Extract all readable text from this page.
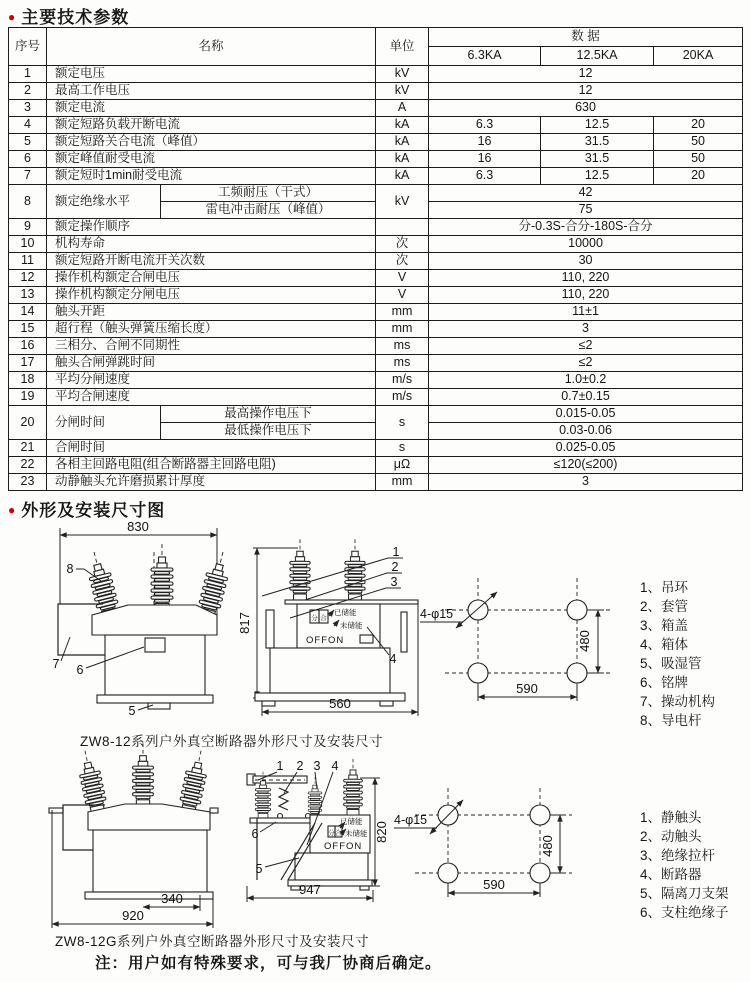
● 主要技术参数
序号	名称		单位	数 据		
				6.3KA	12.5KA	20KA
1	额定电压		kV	12		
2	最高工作电压		kV	12		
3	额定电流		A	630		
4	额定短路负载开断电流		kA	6.3	12.5	20
5	额定短路关合电流（峰值）		kA	16	31.5	50
6	额定峰值耐受电流		kA	16	31.5	50
7	额定短时1min耐受电流		kA	6.3	12.5	20
8	额定绝缘水平	工频耐压（干式）	kV	42		
		雷电冲击耐压（峰值）		75		
9	额定操作顺序			分-0.3S-合分-180S-合分		
10	机构寿命		次	10000		
11	额定短路开断电流开关次数		次	30		
12	操作机构额定合闸电压		V	110, 220		
13	操作机构额定分闸电压		V	110, 220		
14	触头开距		mm	11±1		
15	超行程（触头弹簧压缩长度）		mm	3		
16	三相分、合闸不同期性		ms	≤2		
17	触头合闸弹跳时间		ms	≤2		
18	平均分闸速度		m/s	1.0±0.2		
19	平均合闸速度		m/s	0.7±0.15		
20	分闸时间	最高操作电压下	s	0.015-0.05		
		最低操作电压下		0.03-0.06		
21	合闸时间		s	0.025-0.05		
22	各相主回路电阻(组合断路器主回路电阻)		μΩ	≤120(≤200)		
23	动静触头允许磨损累计厚度		mm	3		
● 外形及安装尺寸图
830
8
7 6
5
817	分 合
已储能
未储能
OFFON
560
1
2
3
4
4-φ15
480
590
340
920
已储能
分 合 未储能
OFFON
1 2 3 4
6
5
820
947
4-φ15
480
590
1、吊环
2、套管
3、箱盖
4、箱体
5、吸湿管
6、铭牌
7、操动机构
8、导电杆
ZW8-12系列户外真空断路器外形尺寸及安装尺寸
1、静触头
2、动触头
3、绝缘拉杆
4、断路器
5、隔离刀支架
6、支柱绝缘子
ZW8-12G系列户外真空断路器外形尺寸及安装尺寸
注：用户如有特殊要求，可与我厂协商后确定。
